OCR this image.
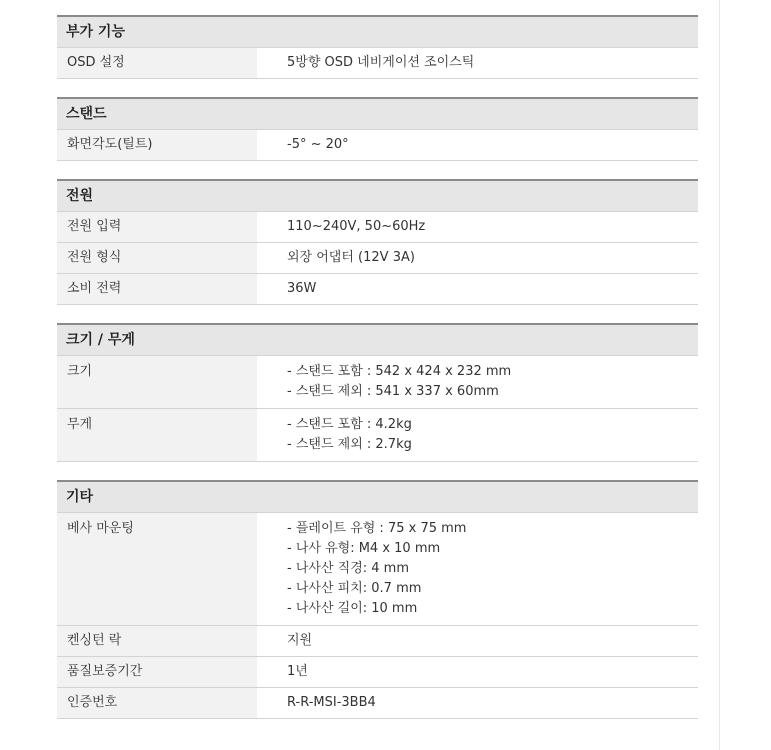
부가 기능
OSD 설정	5방향 OSD 네비게이션 조이스틱
스탠드
화면각도(틸트)	-5° ~ 20°
전원
전원 입력	110~240V, 50~60Hz
전원 형식	외장 어댑터 (12V 3A)
소비 전력	36W
크기 / 무게
크기	- 스탠드 포함 : 542 x 424 x 232 mm
- 스탠드 제외 : 541 x 337 x 60mm
무게	- 스탠드 포함 : 4.2kg
- 스탠드 제외 : 2.7kg
기타
베사 마운팅	- 플레이트 유형 : 75 x 75 mm
- 나사 유형: M4 x 10 mm
- 나사산 직경: 4 mm
- 나사산 피치: 0.7 mm
- 나사산 길이: 10 mm
켄싱턴 락	지원
품질보증기간	1년
인증번호	R-R-MSI-3BB4
